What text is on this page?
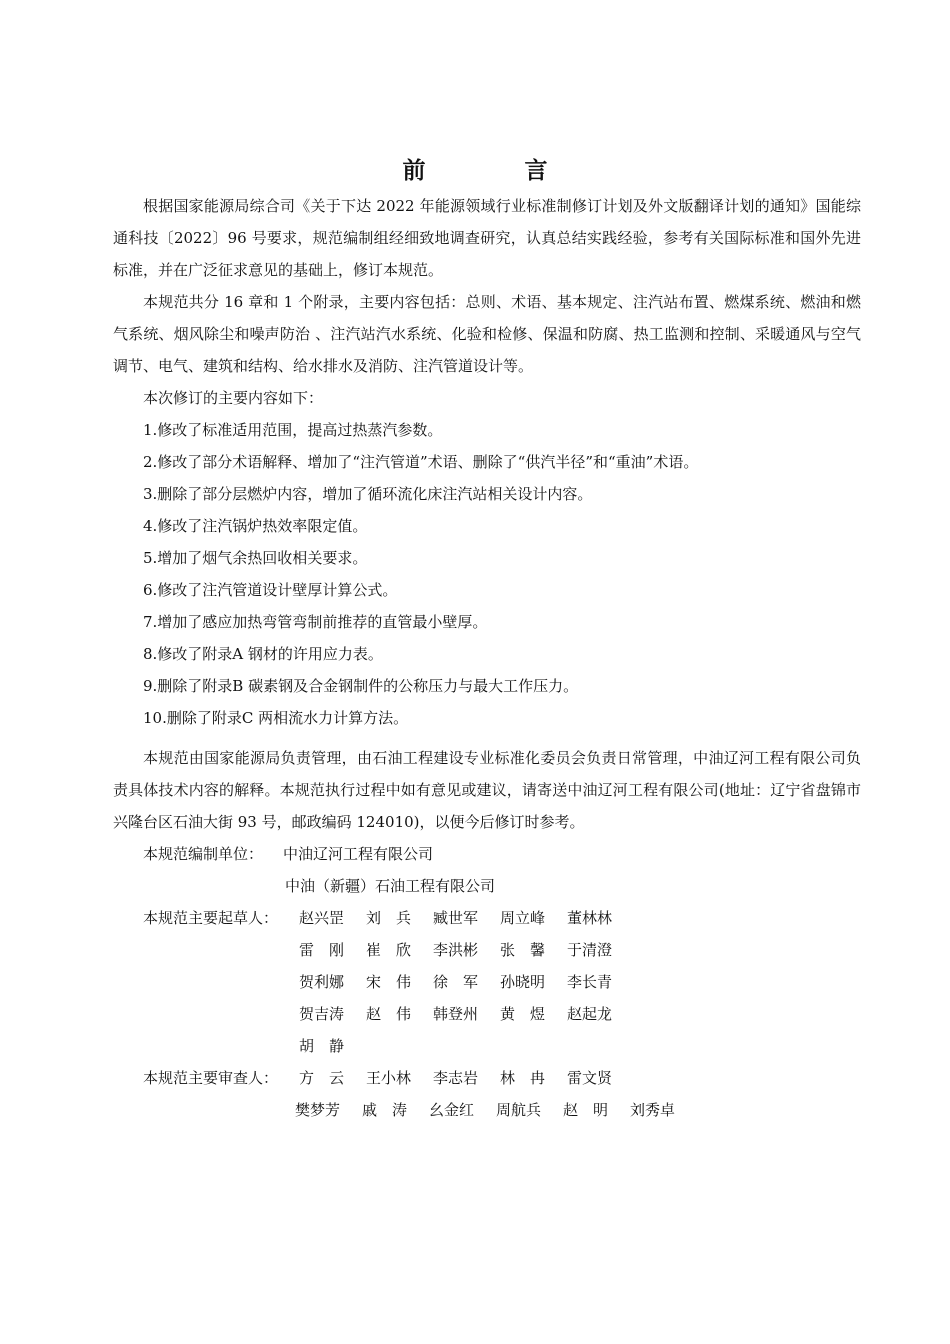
前　言

根据国家能源局综合司《关于下达 2022 年能源领域行业标准制修订计划及外文版翻译计划的通知》国能综通科技〔2022〕96 号要求，规范编制组经细致地调查研究，认真总结实践经验，参考有关国际标准和国外先进标准，并在广泛征求意见的基础上，修订本规范。

本规范共分 16 章和 1 个附录，主要内容包括：总则、术语、基本规定、注汽站布置、燃煤系统、燃油和燃气系统、烟风除尘和噪声防治 、注汽站汽水系统、化验和检修、保温和防腐、热工监测和控制、采暖通风与空气调节、电气、建筑和结构、给水排水及消防、注汽管道设计等。

本次修订的主要内容如下：

1.修改了标准适用范围，提高过热蒸汽参数。

2.修改了部分术语解释、增加了“注汽管道”术语、删除了“供汽半径”和“重油”术语。

3.删除了部分层燃炉内容，增加了循环流化床注汽站相关设计内容。

4.修改了注汽锅炉热效率限定值。

5.增加了烟气余热回收相关要求。

6.修改了注汽管道设计壁厚计算公式。

7.增加了感应加热弯管弯制前推荐的直管最小壁厚。

8.修改了附录A 钢材的许用应力表。

9.删除了附录B 碳素钢及合金钢制件的公称压力与最大工作压力。

10.删除了附录C 两相流水力计算方法。

本规范由国家能源局负责管理，由石油工程建设专业标准化委员会负责日常管理，中油辽河工程有限公司负责具体技术内容的解释。本规范执行过程中如有意见或建议，请寄送中油辽河工程有限公司(地址：辽宁省盘锦市兴隆台区石油大街 93 号，邮政编码 124010)，以便今后修订时参考。

本规范编制单位：	中油辽河工程有限公司
中油（新疆）石油工程有限公司
本规范主要起草人：	赵兴罡	刘　兵	臧世军	周立峰	董林林
雷　刚	崔　欣	李洪彬	张　馨	于清澄
贺利娜	宋　伟	徐　军	孙晓明	李长青
贺吉涛	赵　伟	韩登州	黄　煜	赵起龙
胡　静
本规范主要审查人：	方　云	王小林	李志岩	林　冉	雷文贤
樊梦芳	戚　涛	幺金红	周航兵	赵　明	刘秀卓
